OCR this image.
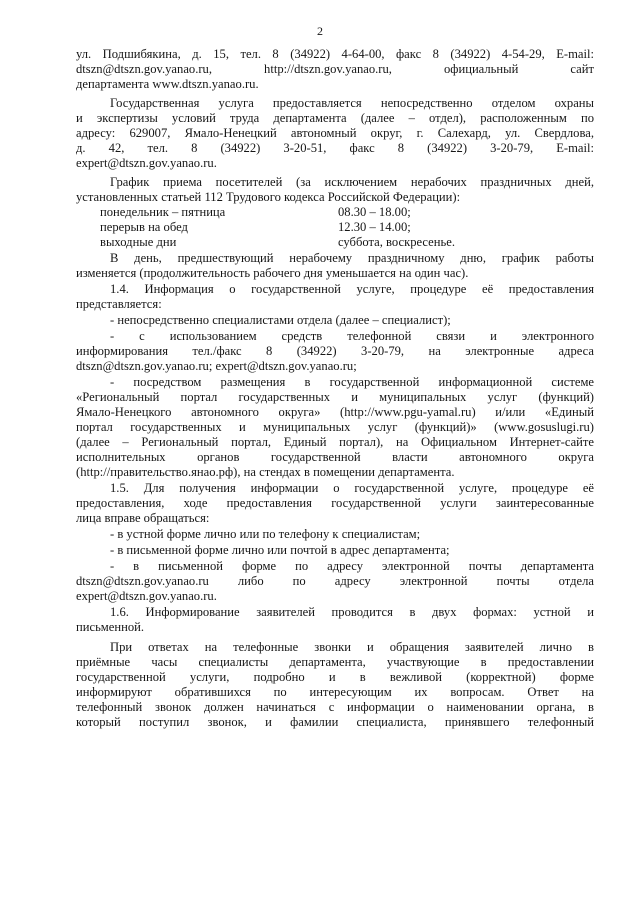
2
ул. Подшибякина, д. 15, тел. 8 (34922) 4-64-00, факс 8 (34922) 4-54-29, E-mail:
dtszn@dtszn.gov.yanao.ru, http://dtszn.gov.yanao.ru, официальный сайт
департамента www.dtszn.yanao.ru.
Государственная услуга предоставляется непосредственно отделом охраны
и экспертизы условий труда департамента (далее – отдел), расположенным по
адресу: 629007, Ямало-Ненецкий автономный округ, г. Салехард, ул. Свердлова,
д. 42, тел. 8 (34922) 3-20-51, факс 8 (34922) 3-20-79, E-mail:
expert@dtszn.gov.yanao.ru.
График приема посетителей (за исключением нерабочих праздничных дней,
установленных статьей 112 Трудового кодекса Российской Федерации):
понедельник – пятница	08.30 – 18.00;
перерыв на обед	12.30 – 14.00;
выходные дни	суббота, воскресенье.
В день, предшествующий нерабочему праздничному дню, график работы
изменяется (продолжительность рабочего дня уменьшается на один час).
1.4. Информация о государственной услуге, процедуре её предоставления
представляется:
- непосредственно специалистами отдела (далее – специалист);
- с использованием средств телефонной связи и электронного
информирования тел./факс 8 (34922) 3-20-79, на электронные адреса
dtszn@dtszn.gov.yanao.ru; expert@dtszn.gov.yanao.ru;
- посредством размещения в государственной информационной системе
«Региональный портал государственных и муниципальных услуг (функций)
Ямало-Ненецкого автономного округа» (http://www.pgu-yamal.ru) и/или «Единый
портал государственных и муниципальных услуг (функций)» (www.gosuslugi.ru)
(далее – Региональный портал, Единый портал), на Официальном Интернет-сайте
исполнительных органов государственной власти автономного округа
(http://правительство.янао.рф), на стендах в помещении департамента.
1.5. Для получения информации о государственной услуге, процедуре её
предоставления, ходе предоставления государственной услуги заинтересованные
лица вправе обращаться:
- в устной форме лично или по телефону к специалистам;
- в письменной форме лично или почтой в адрес департамента;
- в письменной форме по адресу электронной почты департамента
dtszn@dtszn.gov.yanao.ru либо по адресу электронной почты отдела
expert@dtszn.gov.yanao.ru.
1.6. Информирование заявителей проводится в двух формах: устной и
письменной.
При ответах на телефонные звонки и обращения заявителей лично в
приёмные часы специалисты департамента, участвующие в предоставлении
государственной услуги, подробно и в вежливой (корректной) форме
информируют обратившихся по интересующим их вопросам. Ответ на
телефонный звонок должен начинаться с информации о наименовании органа, в
который поступил звонок, и фамилии специалиста, принявшего телефонный
